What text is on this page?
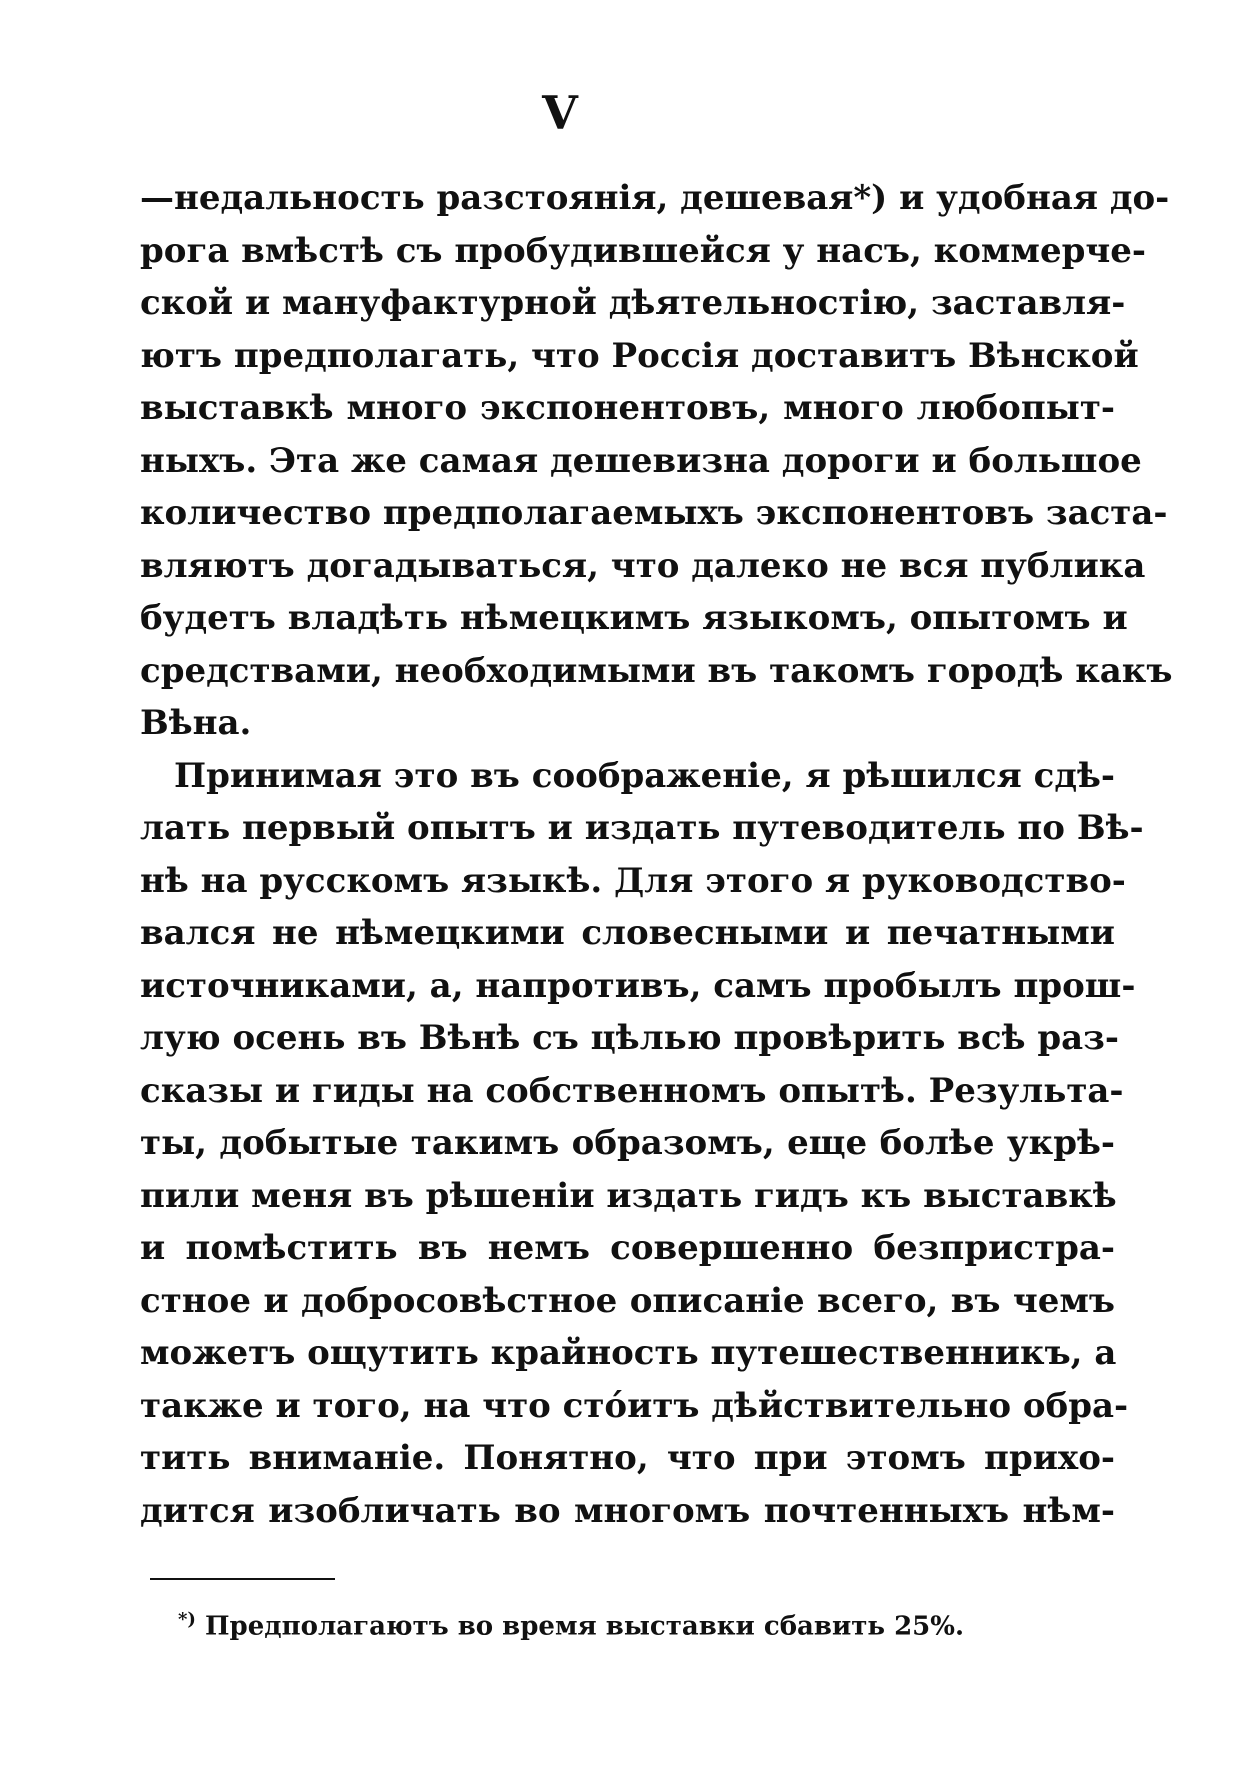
V
—недальность разстоянія, дешевая*) и удобная до-
рога вмѣстѣ съ пробудившейся у насъ, коммерче-
ской и мануфактурной дѣятельностію, заставля-
ютъ предполагать, что Россія доставитъ Вѣнской
выставкѣ много экспонентовъ, много любопыт-
ныхъ. Эта же самая дешевизна дороги и большое
количество предполагаемыхъ экспонентовъ заста-
вляютъ догадываться, что далеко не вся публика
будетъ владѣть нѣмецкимъ языкомъ, опытомъ и
средствами, необходимыми въ такомъ городѣ какъ
Вѣна.
Принимая это въ соображеніе, я рѣшился сдѣ-
лать первый опытъ и издать путеводитель по Вѣ-
нѣ на русскомъ языкѣ. Для этого я руководство-
вался не нѣмецкими словесными и печатными
источниками, а, напротивъ, самъ пробылъ прош-
лую осень въ Вѣнѣ съ цѣлью провѣрить всѣ раз-
сказы и гиды на собственномъ опытѣ. Результа-
ты, добытые такимъ образомъ, еще болѣе укрѣ-
пили меня въ рѣшеніи издать гидъ къ выставкѣ
и помѣстить въ немъ совершенно безпристра-
стное и добросовѣстное описаніе всего, въ чемъ
можетъ ощутить крайность путешественникъ, а
также и того, на что стóитъ дѣйствительно обра-
тить вниманіе. Понятно, что при этомъ прихо-
дится изобличать во многомъ почтенныхъ нѣм-
*) Предполагаютъ во время выставки сбавить 25%.
